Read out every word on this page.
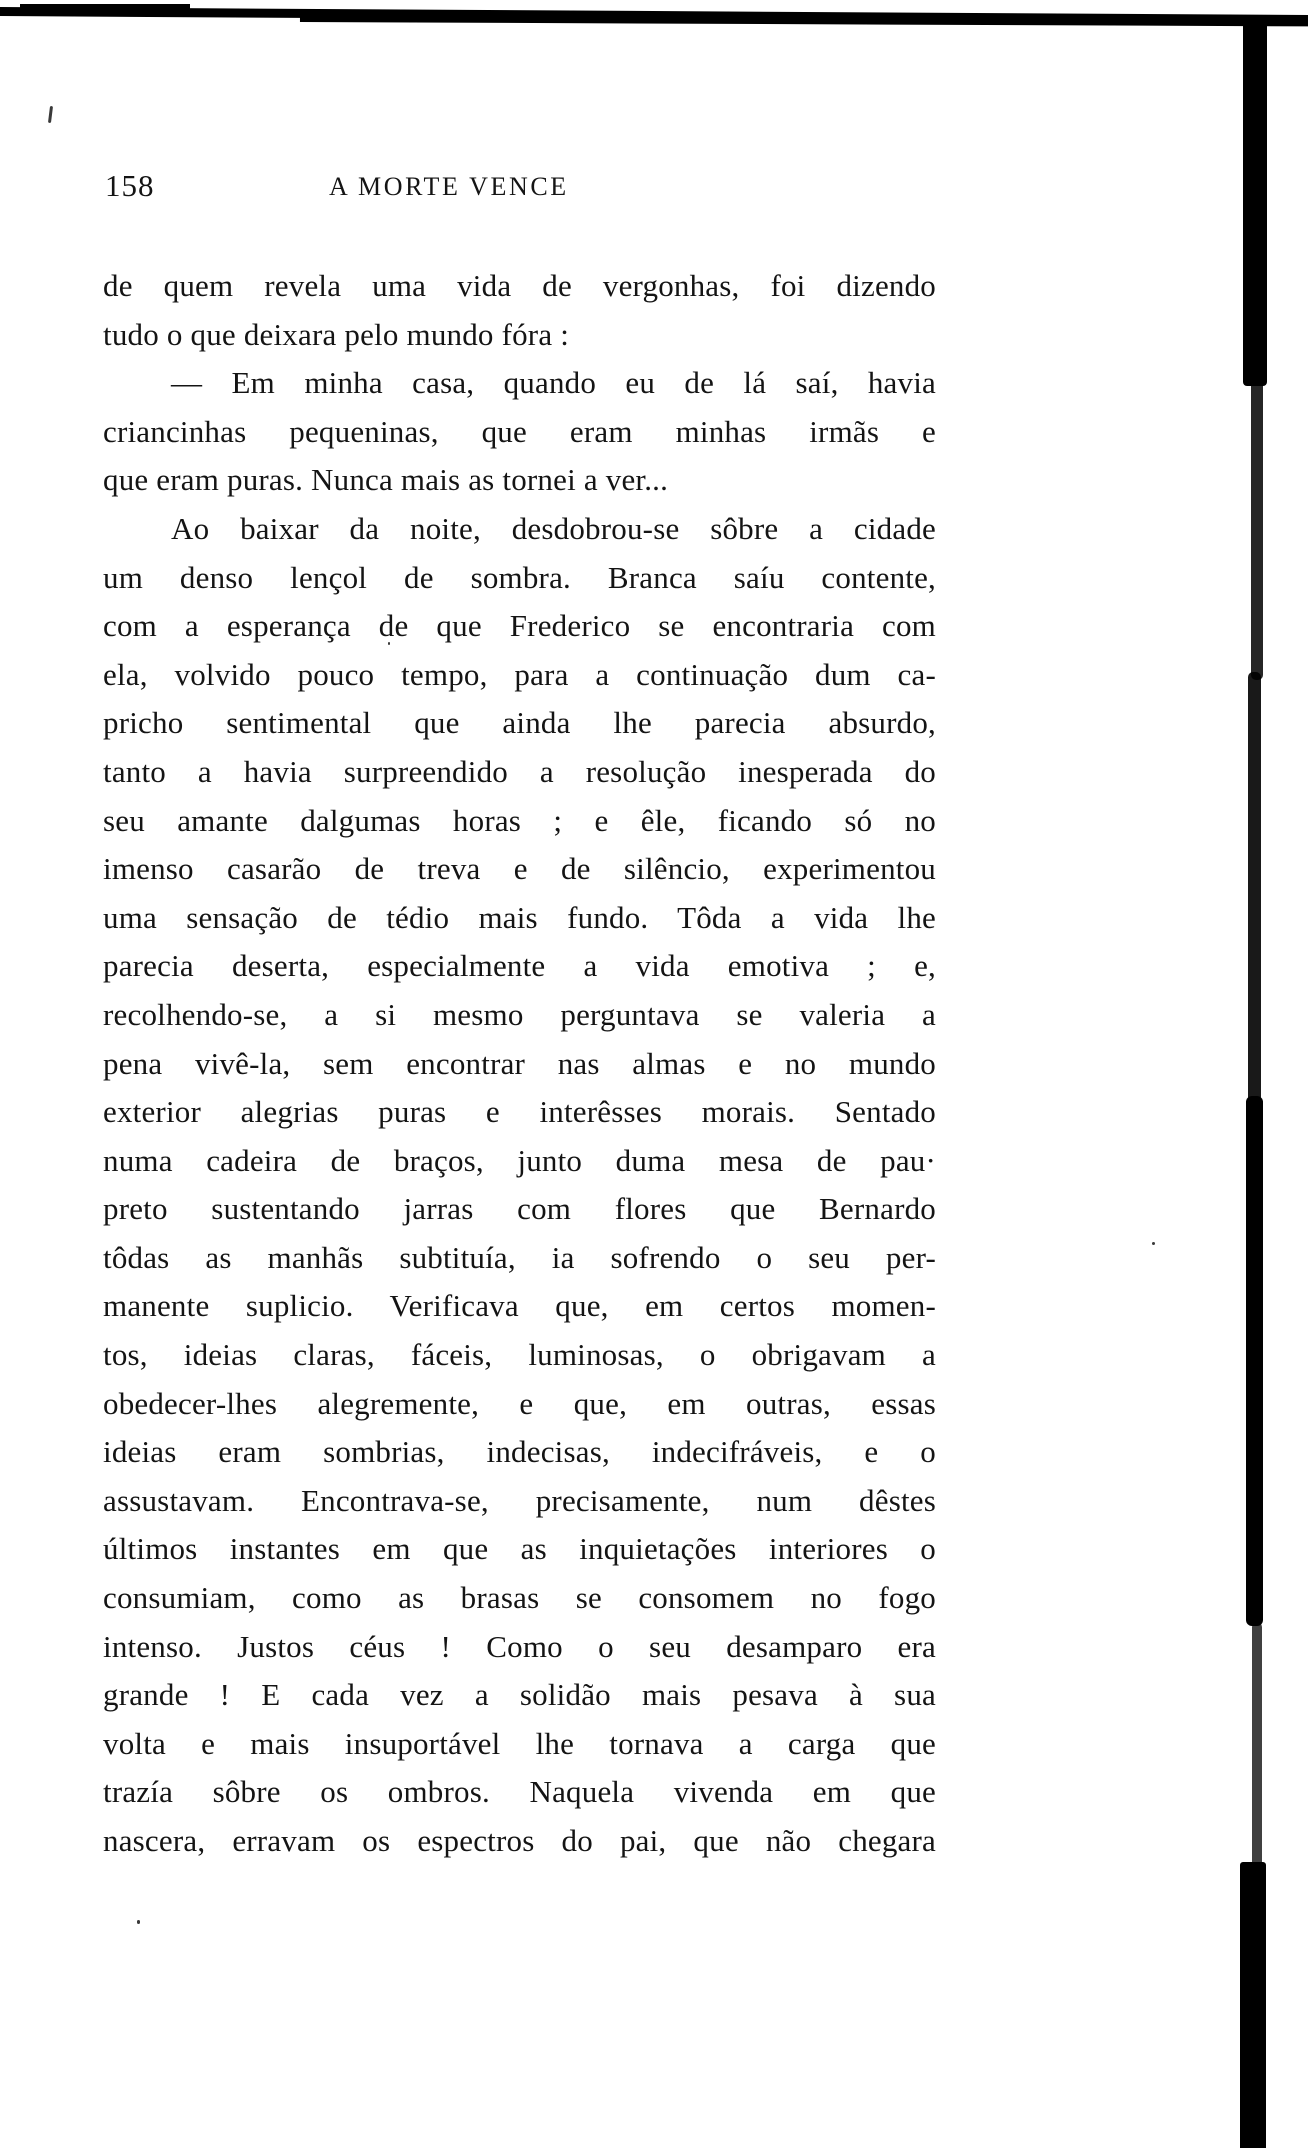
158	A MORTE VENCE
de quem revela uma vida de vergonhas, foi dizendo
tudo o que deixara pelo mundo fóra :
— Em minha casa, quando eu de lá saí, havia
criancinhas pequeninas, que eram minhas irmãs e
que eram puras. Nunca mais as tornei a ver...
Ao baixar da noite, desdobrou-se sôbre a cidade
um denso lençol de sombra. Branca saíu contente,
com a esperança de que Frederico se encontraria com
ela, volvido pouco tempo, para a continuação dum ca-
pricho sentimental que ainda lhe parecia absurdo,
tanto a havia surpreendido a resolução inesperada do
seu amante dalgumas horas ; e êle, ficando só no
imenso casarão de treva e de silêncio, experimentou
uma sensação de tédio mais fundo. Tôda a vida lhe
parecia deserta, especialmente a vida emotiva ; e,
recolhendo-se, a si mesmo perguntava se valeria a
pena vivê-la, sem encontrar nas almas e no mundo
exterior alegrias puras e interêsses morais. Sentado
numa cadeira de braços, junto duma mesa de pau·
preto sustentando jarras com flores que Bernardo
tôdas as manhãs subtituía, ia sofrendo o seu per-
manente suplicio. Verificava que, em certos momen-
tos, ideias claras, fáceis, luminosas, o obrigavam a
obedecer-lhes alegremente, e que, em outras, essas
ideias eram sombrias, indecisas, indecifráveis, e o
assustavam. Encontrava-se, precisamente, num dêstes
últimos instantes em que as inquietações interiores o
consumiam, como as brasas se consomem no fogo
intenso. Justos céus ! Como o seu desamparo era
grande ! E cada vez a solidão mais pesava à sua
volta e mais insuportável lhe tornava a carga que
trazía sôbre os ombros. Naquela vivenda em que
nascera, erravam os espectros do pai, que não chegara
